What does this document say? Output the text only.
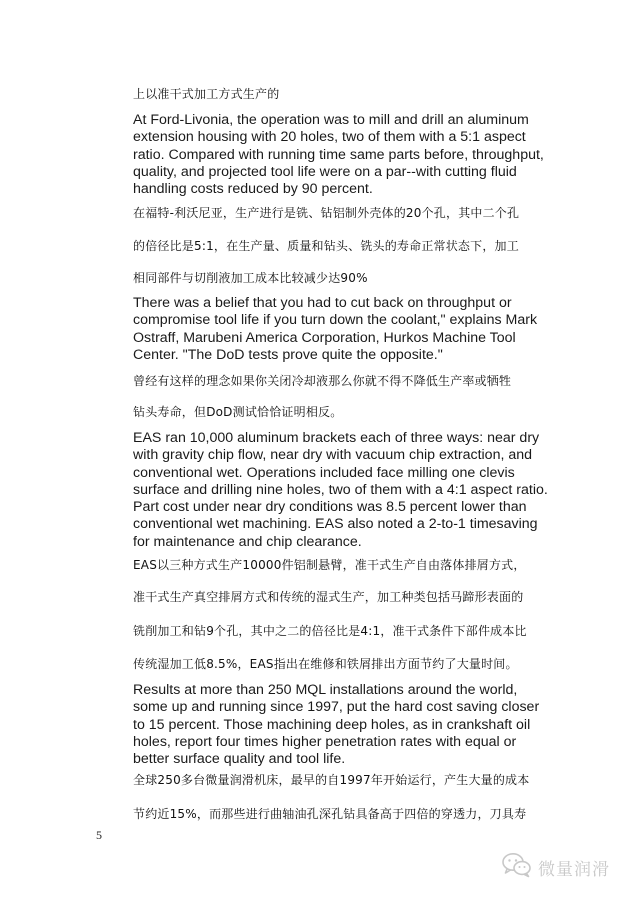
上以准干式加工方式生产的
At Ford-Livonia, the operation was to mill and drill an aluminum extension housing with 20 holes, two of them with a 5:1 aspect ratio. Compared with running time same parts before, throughput, quality, and projected tool life were on a par--with cutting fluid handling costs reduced by 90 percent.
在福特-利沃尼亚，生产进行是铣、钻铝制外壳体的20个孔，其中二个孔
的倍径比是5:1，在生产量、质量和钻头、铣头的寿命正常状态下，加工
相同部件与切削液加工成本比较减少达90%
There was a belief that you had to cut back on throughput or compromise tool life if you turn down the coolant," explains Mark Ostraff, Marubeni America Corporation, Hurkos Machine Tool Center. "The DoD tests prove quite the opposite."
曾经有这样的理念如果你关闭冷却液那么你就不得不降低生产率或牺牲
钻头寿命，但DoD测试恰恰证明相反。
EAS ran 10,000 aluminum brackets each of three ways: near dry with gravity chip flow, near dry with vacuum chip extraction, and conventional wet. Operations included face milling one clevis surface and drilling nine holes, two of them with a 4:1 aspect ratio. Part cost under near dry conditions was 8.5 percent lower than conventional wet machining. EAS also noted a 2-to-1 timesaving for maintenance and chip clearance.
EAS以三种方式生产10000件铝制悬臂，准干式生产自由落体排屑方式，
准干式生产真空排屑方式和传统的湿式生产，加工种类包括马蹄形表面的
铣削加工和钻9个孔，其中之二的倍径比是4:1，准干式条件下部件成本比
传统湿加工低8.5%，EAS指出在维修和铁屑排出方面节约了大量时间。
Results at more than 250 MQL installations around the world, some up and running since 1997, put the hard cost saving closer to 15 percent. Those machining deep holes, as in crankshaft oil holes, report four times higher penetration rates with equal or better surface quality and tool life.
全球250多台微量润滑机床，最早的自1997年开始运行，产生大量的成本
节约近15%，而那些进行曲轴油孔深孔钻具备高于四倍的穿透力，刀具寿
5
微量润滑
